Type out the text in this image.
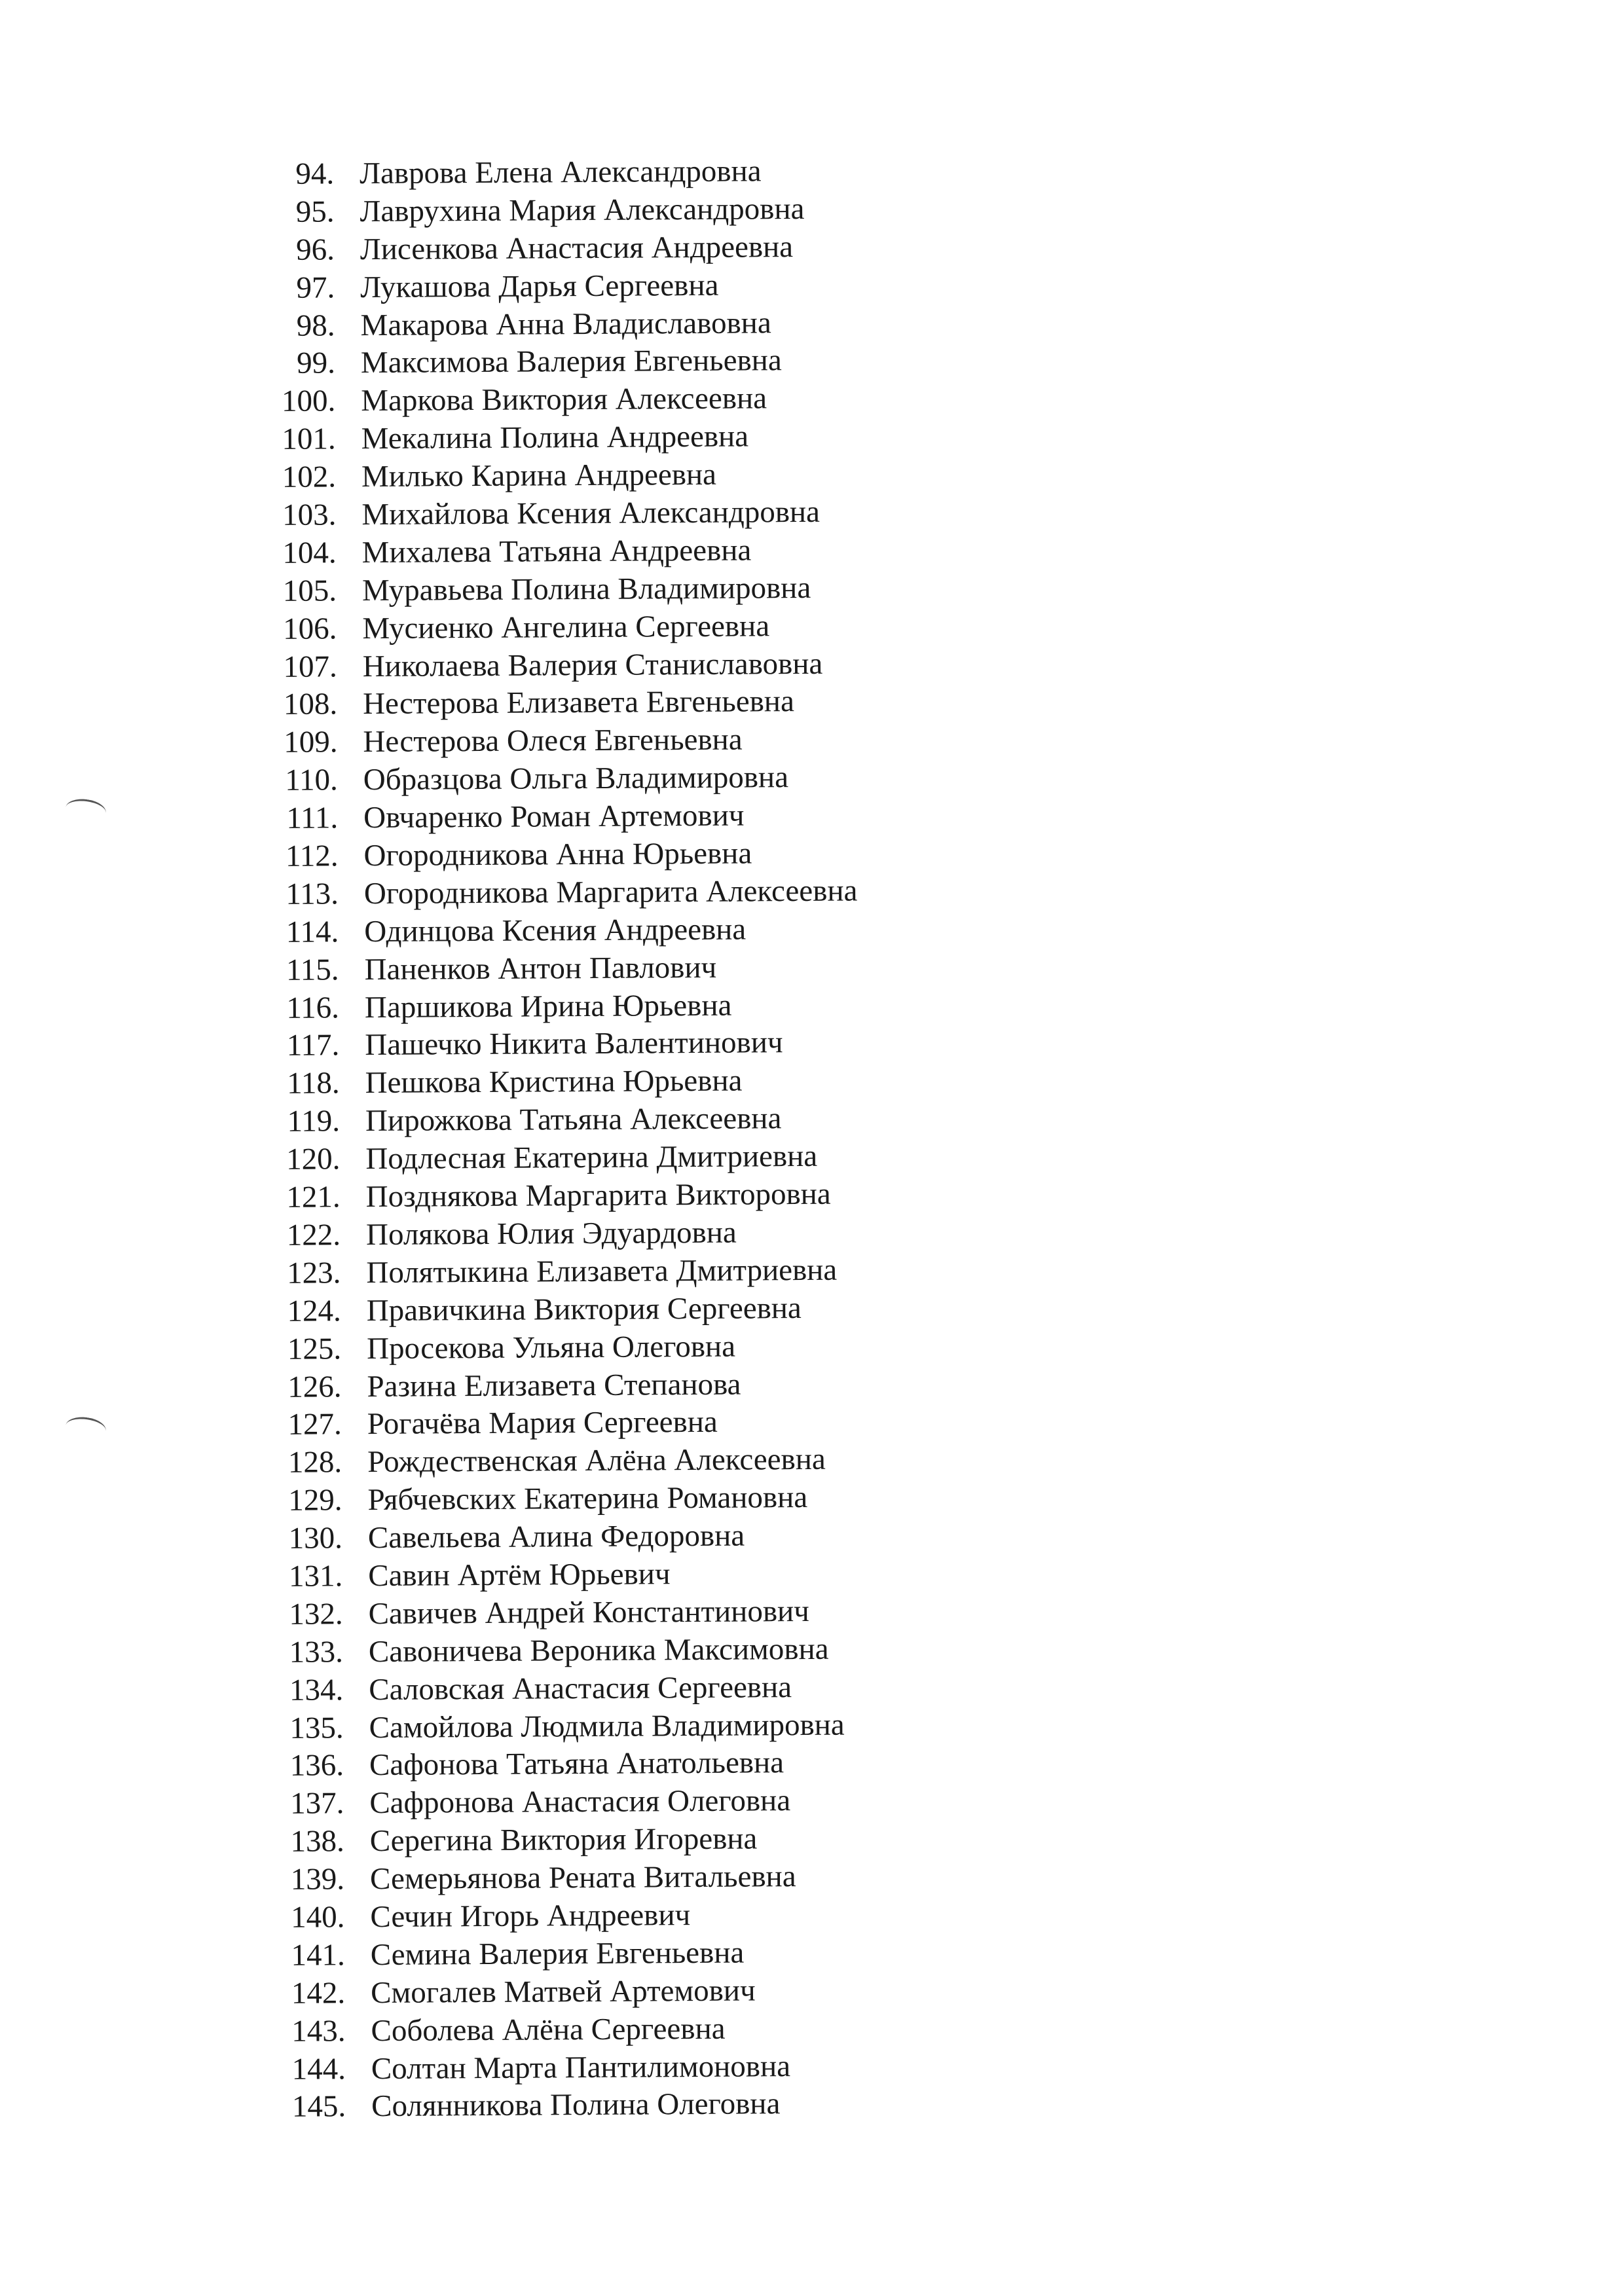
94. Лаврова Елена Александровна
95. Лаврухина Мария Александровна
96. Лисенкова Анастасия Андреевна
97. Лукашова Дарья Сергеевна
98. Макарова Анна Владиславовна
99. Максимова Валерия Евгеньевна
100. Маркова Виктория Алексеевна
101. Мекалина Полина Андреевна
102. Милько Карина Андреевна
103. Михайлова Ксения Александровна
104. Михалева Татьяна Андреевна
105. Муравьева Полина Владимировна
106. Мусиенко Ангелина Сергеевна
107. Николаева Валерия Станиславовна
108. Нестерова Елизавета Евгеньевна
109. Нестерова Олеся Евгеньевна
110. Образцова Ольга Владимировна
111. Овчаренко Роман Артемович
112. Огородникова Анна Юрьевна
113. Огородникова Маргарита Алексеевна
114. Одинцова Ксения Андреевна
115. Паненков Антон Павлович
116. Паршикова Ирина Юрьевна
117. Пашечко Никита Валентинович
118. Пешкова Кристина Юрьевна
119. Пирожкова Татьяна Алексеевна
120. Подлесная Екатерина Дмитриевна
121. Позднякова Маргарита Викторовна
122. Полякова Юлия Эдуардовна
123. Полятыкина Елизавета Дмитриевна
124. Правичкина Виктория Сергеевна
125. Просекова Ульяна Олеговна
126. Разина Елизавета Степанова
127. Рогачёва Мария Сергеевна
128. Рождественская Алёна Алексеевна
129. Рябчевских Екатерина Романовна
130. Савельева Алина Федоровна
131. Савин Артём Юрьевич
132. Савичев Андрей Константинович
133. Савоничева Вероника Максимовна
134. Саловская Анастасия Сергеевна
135. Самойлова Людмила Владимировна
136. Сафонова Татьяна Анатольевна
137. Сафронова Анастасия Олеговна
138. Серегина Виктория Игоревна
139. Семерьянова Рената Витальевна
140. Сечин Игорь Андреевич
141. Семина Валерия Евгеньевна
142. Смогалев Матвей Артемович
143. Соболева Алёна Сергеевна
144. Солтан Марта Пантилимоновна
145. Солянникова Полина Олеговна
